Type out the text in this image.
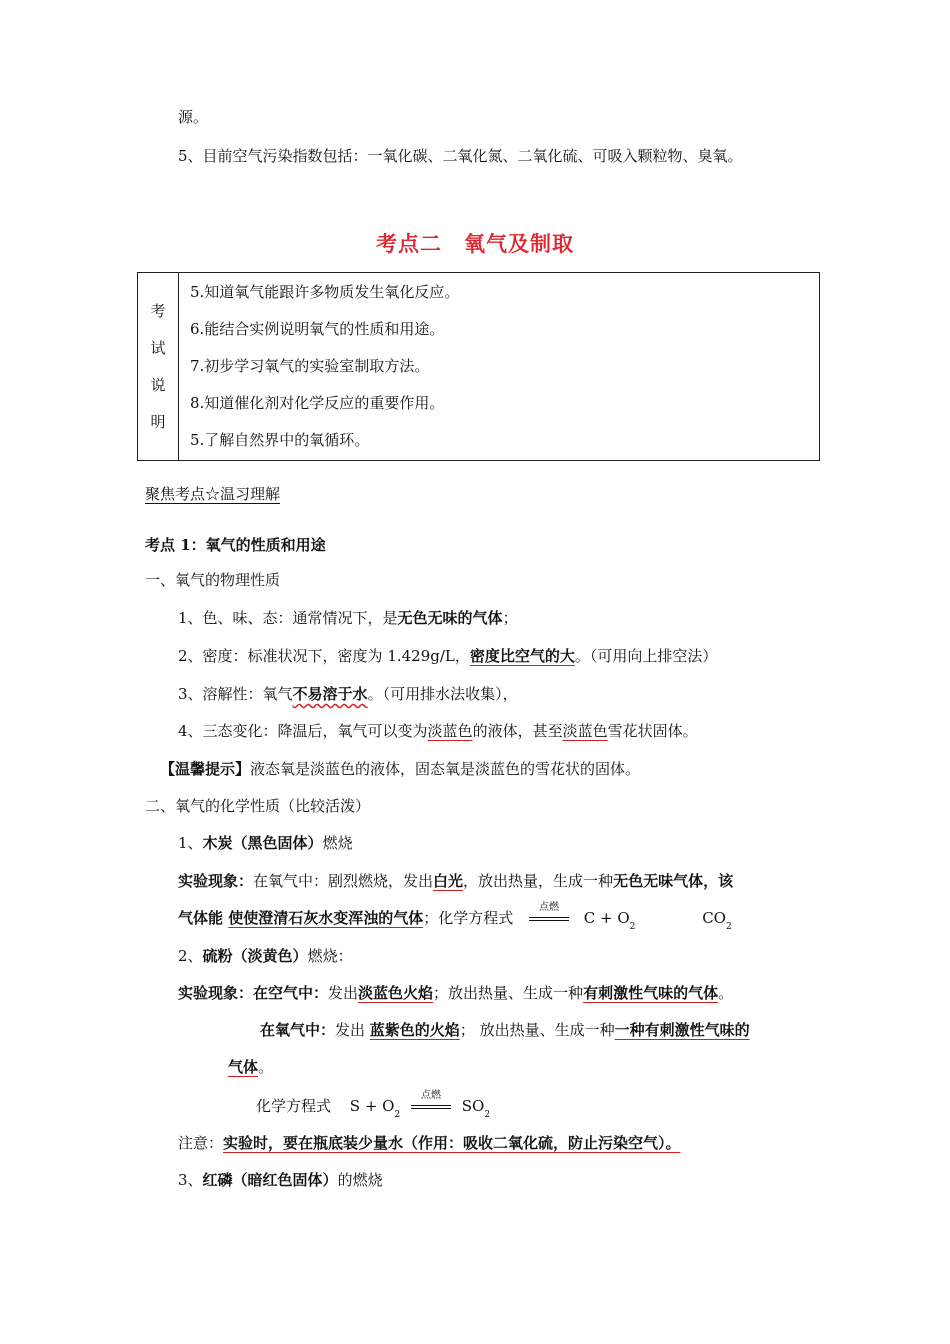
源。
5、目前空气污染指数包括：一氧化碳、二氧化氮、二氧化硫、可吸入颗粒物、臭氧。
考点二　氧气及制取
考
试
说
明

5.知道氧气能跟许多物质发生氧化反应。
6.能结合实例说明氧气的性质和用途。
7.初步学习氧气的实验室制取方法。
8.知道催化剂对化学反应的重要作用。
5.了解自然界中的氧循环。
聚焦考点☆温习理解
考点 1：氧气的性质和用途
一、氧气的物理性质
1、色、味、态：通常情况下，是无色无味的气体；
2、密度：标准状况下，密度为 1.429g/L，密度比空气的大。（可用向上排空法）
3、溶解性：氧气不易溶于水。（可用排水法收集），
4、三态变化：降温后，氧气可以变为淡蓝色的液体，甚至淡蓝色雪花状固体。
【温馨提示】液态氧是淡蓝色的液体，固态氧是淡蓝色的雪花状的固体。
二、氧气的化学性质（比较活泼）
1、木炭（黑色固体）燃烧
实验现象：在氧气中：剧烈燃烧，发出白光，放出热量，生成一种无色无味气体，该
气体能 使使澄清石灰水变浑浊的气体；化学方程式
点燃
$C + O_2$	$CO_2$
2、硫粉（淡黄色）燃烧：
实验现象：在空气中：发出淡蓝色火焰；放出热量、生成一种有刺激性气味的气体。
在氧气中：发出 蓝紫色的火焰； 放出热量、生成一种一种有刺激性气味的
气体。
化学方程式 $S + O_2$
点燃
$SO_2$
注意：实验时，要在瓶底装少量水（作用：吸收二氧化硫，防止污染空气）。
3、红磷（暗红色固体）的燃烧
